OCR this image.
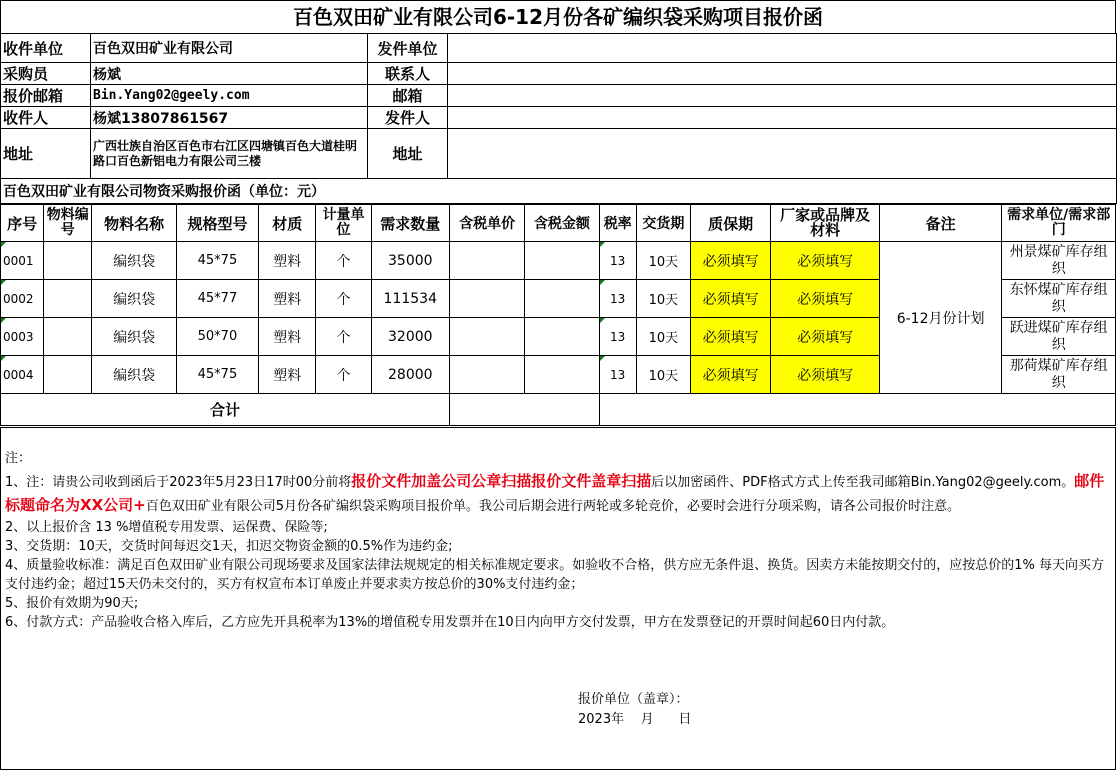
百色双田矿业有限公司6-12月份各矿编织袋采购项目报价函
收件单位	百色双田矿业有限公司	发件单位	
采购员	杨斌	联系人	
报价邮箱	Bin.Yang02@geely.com	邮箱	
收件人	杨斌13807861567	发件人	
地址	广西壮族自治区百色市右江区四塘镇百色大道桂明路口百色新铝电力有限公司三楼	地址	
百色双田矿业有限公司物资采购报价函（单位：元）			
序号	物料编号	物料名称	规格型号	材质	计量单位	需求数量	含税单价	含税金额	税率	交货期	质保期	厂家或品牌及材料	备注	需求单位/需求部门
0001		编织袋	45*75	塑料	个	35000			13	10天	必须填写	必须填写	6-12月份计划	州景煤矿库存组织
0002		编织袋	45*77	塑料	个	111534			13	10天	必须填写	必须填写		东怀煤矿库存组织
0003		编织袋	50*70	塑料	个	32000			13	10天	必须填写	必须填写		跃进煤矿库存组织
0004		编织袋	45*75	塑料	个	28000			13	10天	必须填写	必须填写		那荷煤矿库存组织
合计														

注：

1、注：请贵公司收到函后于2023年5月23日17时00分前将报价文件加盖公司公章扫描报价文件盖章扫描后以加密函件、PDF格式方式上传至我司邮箱Bin.Yang02@geely.com。邮件标题命名为XX公司+百色双田矿业有限公司5月份各矿编织袋采购项目报价单。我公司后期会进行两轮或多轮竞价，必要时会进行分项采购，请各公司报价时注意。

2、以上报价含 13 %增值税专用发票、运保费、保险等;

3、交货期：10天，交货时间每迟交1天，扣迟交物资金额的0.5%作为违约金;

4、质量验收标准：满足百色双田矿业有限公司现场要求及国家法律法规规定的相关标准规定要求。如验收不合格，供方应无条件退、换货。因卖方未能按期交付的，应按总价的1% 每天向买方支付违约金；超过15天仍未交付的，买方有权宣布本订单废止并要求卖方按总价的30%支付违约金；

5、报价有效期为90天;

6、付款方式：产品验收合格入库后，乙方应先开具税率为13%的增值税专用发票并在10日内向甲方交付发票，甲方在发票登记的开票时间起60日内付款。

报价单位（盖章）：
2023年    月      日
